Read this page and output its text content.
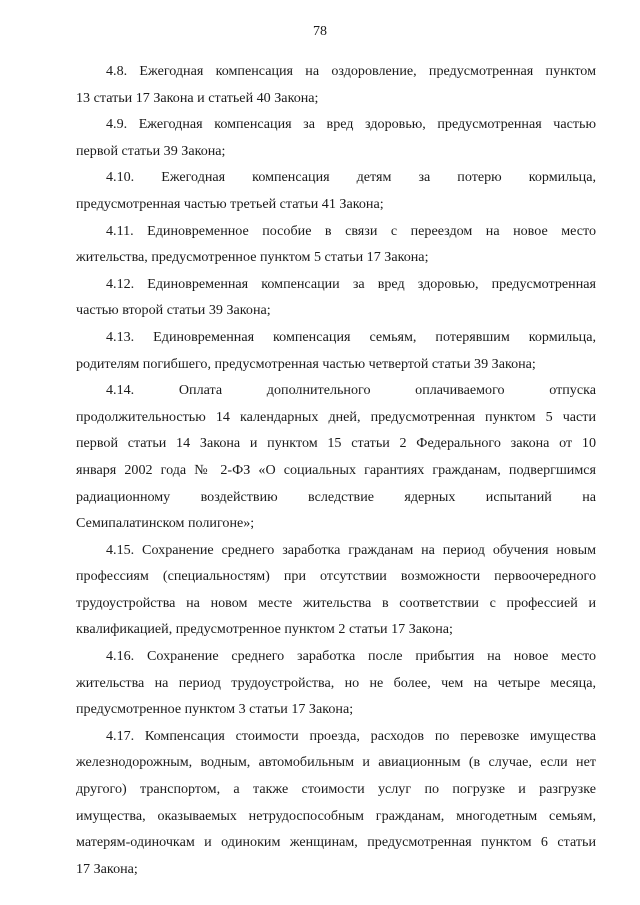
78
4.8. Ежегодная компенсация на оздоровление, предусмотренная пунктом
13 статьи 17 Закона и статьей 40 Закона;
4.9. Ежегодная компенсация за вред здоровью, предусмотренная частью
первой статьи 39 Закона;
4.10. Ежегодная компенсация детям за потерю кормильца,
предусмотренная частью третьей статьи 41 Закона;
4.11. Единовременное пособие в связи с переездом на новое место
жительства, предусмотренное пунктом 5 статьи 17 Закона;
4.12. Единовременная компенсации за вред здоровью, предусмотренная
частью второй статьи 39 Закона;
4.13. Единовременная компенсация семьям, потерявшим кормильца,
родителям погибшего, предусмотренная частью четвертой статьи 39 Закона;
4.14. Оплата дополнительного оплачиваемого отпуска
продолжительностью 14 календарных дней, предусмотренная пунктом 5 части
первой статьи 14 Закона и пунктом 15 статьи 2 Федерального закона от 10
января 2002 года № 2-ФЗ «О социальных гарантиях гражданам, подвергшимся
радиационному воздействию вследствие ядерных испытаний на
Семипалатинском полигоне»;
4.15. Сохранение среднего заработка гражданам на период обучения новым
профессиям (специальностям) при отсутствии возможности первоочередного
трудоустройства на новом месте жительства в соответствии с профессией и
квалификацией, предусмотренное пунктом 2 статьи 17 Закона;
4.16. Сохранение среднего заработка после прибытия на новое место
жительства на период трудоустройства, но не более, чем на четыре месяца,
предусмотренное пунктом 3 статьи 17 Закона;
4.17. Компенсация стоимости проезда, расходов по перевозке имущества
железнодорожным, водным, автомобильным и авиационным (в случае, если нет
другого) транспортом, а также стоимости услуг по погрузке и разгрузке
имущества, оказываемых нетрудоспособным гражданам, многодетным семьям,
матерям-одиночкам и одиноким женщинам, предусмотренная пунктом 6 статьи
17 Закона;
